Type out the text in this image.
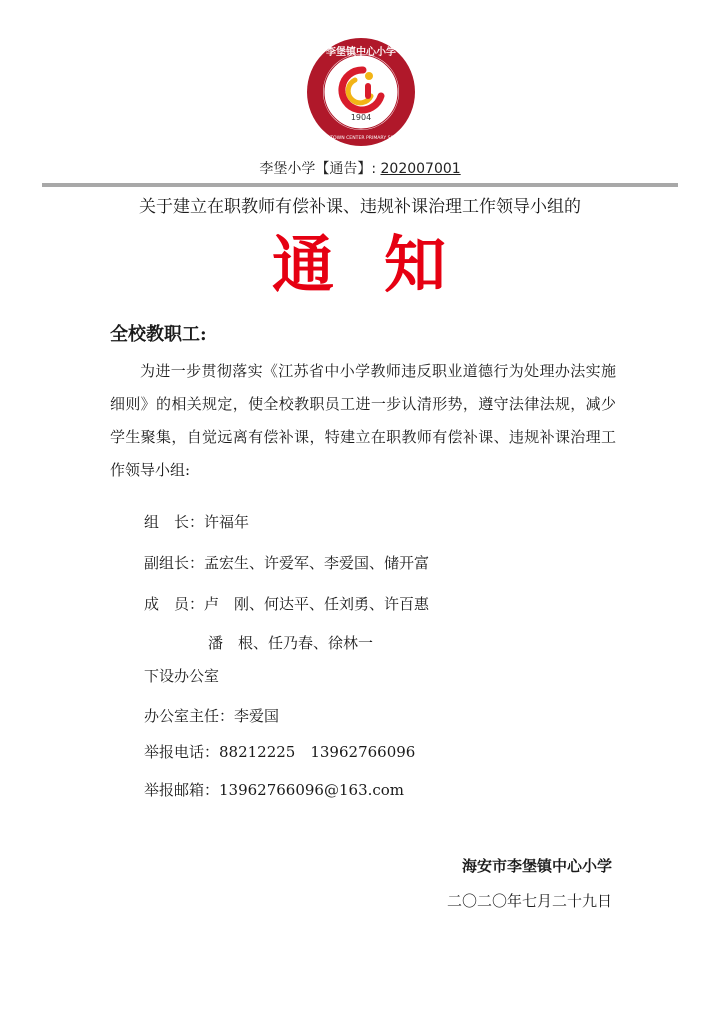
李堡镇中心小学
LIBAO TOWN CENTER PRIMARY SCHOOL
1904
李堡小学【通告】: 202007001
关于建立在职教师有偿补课、违规补课治理工作领导小组的
通 知
全校教职工:
为进一步贯彻落实《江苏省中小学教师违反职业道德行为处理办法实施细则》的相关规定，使全校教职员工进一步认清形势，遵守法律法规，减少学生聚集，自觉远离有偿补课，特建立在职教师有偿补课、违规补课治理工作领导小组:
组　长：许福年
副组长：孟宏生、许爱军、李爱国、储开富
成　员：卢　刚、何达平、任刘勇、许百惠
潘　根、任乃春、徐林一
下设办公室
办公室主任：李爱国
举报电话：88212225　13962766096
举报邮箱：13962766096@163.com
海安市李堡镇中心小学
二〇二〇年七月二十九日
